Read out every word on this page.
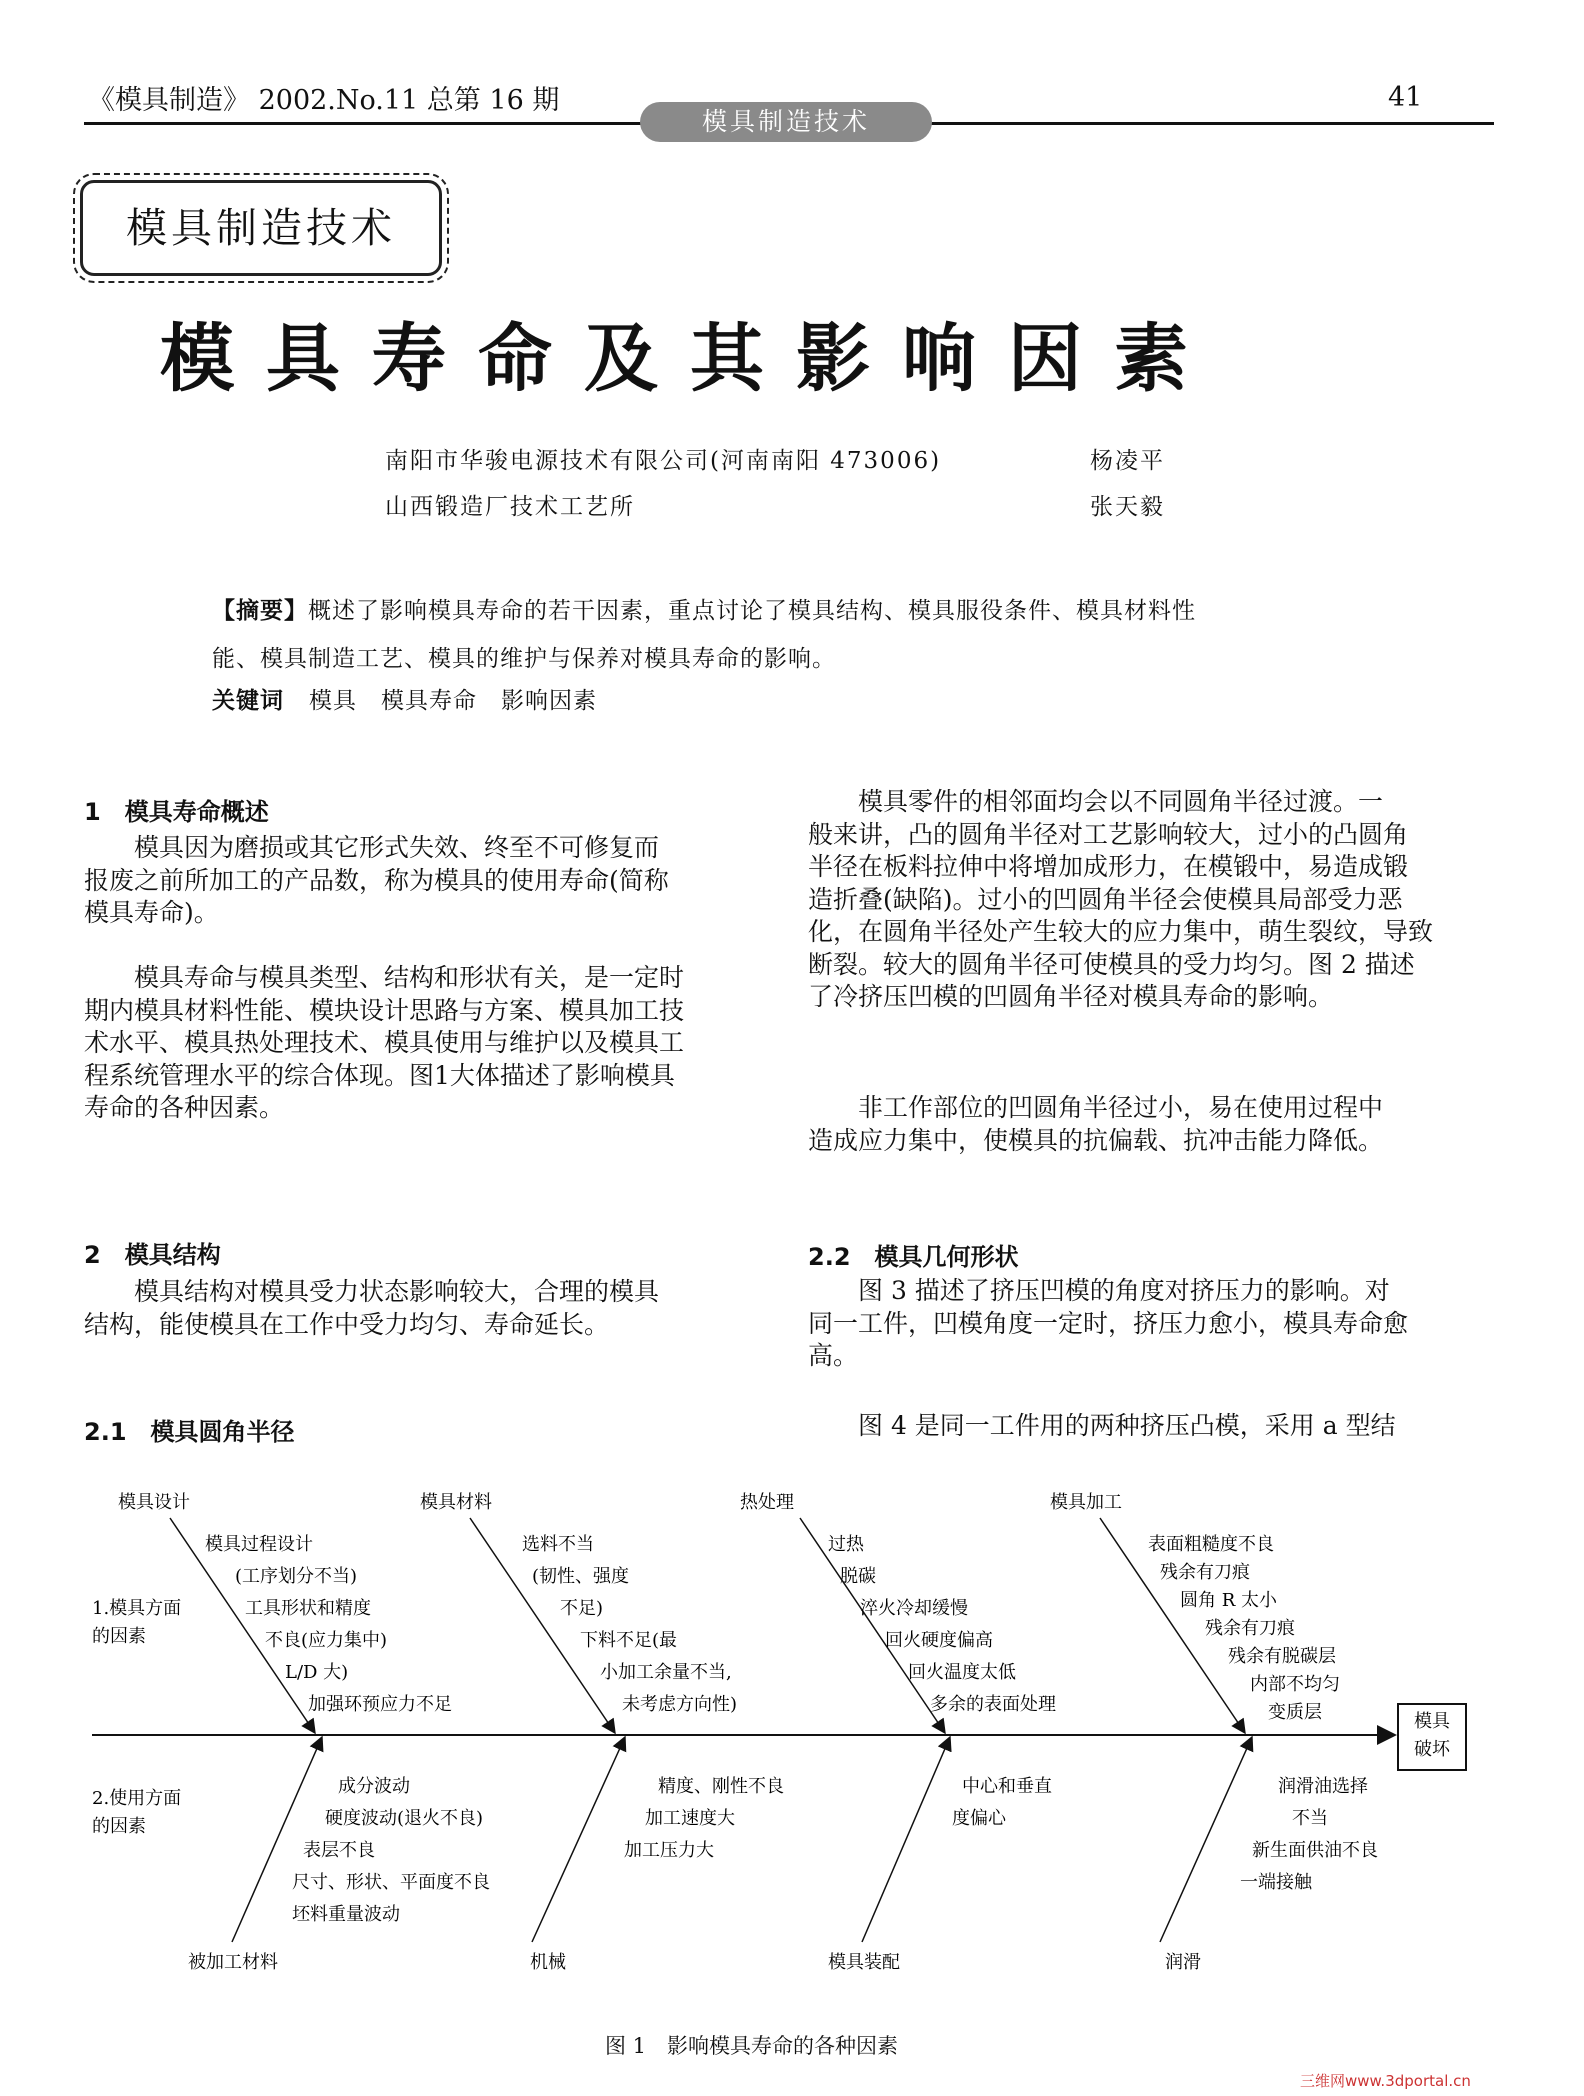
《模具制造》 2002.No.11 总第 16 期
模具制造技术
41
模具制造技术
模具寿命及其影响因素
南阳市华骏电源技术有限公司(河南南阳 473006)	杨凌平
山西锻造厂技术工艺所	张天毅
【摘要】概述了影响模具寿命的若干因素，重点讨论了模具结构、模具服役条件、模具材料性
能、模具制造工艺、模具的维护与保养对模具寿命的影响。
关键词 模具　模具寿命　影响因素
1　模具寿命概述
　　模具因为磨损或其它形式失效、终至不可修复而
报废之前所加工的产品数，称为模具的使用寿命(简称
模具寿命)。
　　模具寿命与模具类型、结构和形状有关，是一定时
期内模具材料性能、模块设计思路与方案、模具加工技
术水平、模具热处理技术、模具使用与维护以及模具工
程系统管理水平的综合体现。图1大体描述了影响模具
寿命的各种因素。
2　模具结构
　　模具结构对模具受力状态影响较大，合理的模具
结构，能使模具在工作中受力均匀、寿命延长。
2.1　模具圆角半径
　　模具零件的相邻面均会以不同圆角半径过渡。一
般来讲，凸的圆角半径对工艺影响较大，过小的凸圆角
半径在板料拉伸中将增加成形力，在模锻中，易造成锻
造折叠(缺陷)。过小的凹圆角半径会使模具局部受力恶
化，在圆角半径处产生较大的应力集中，萌生裂纹，导致
断裂。较大的圆角半径可使模具的受力均匀。图 2 描述
了冷挤压凹模的凹圆角半径对模具寿命的影响。
　　非工作部位的凹圆角半径过小，易在使用过程中
造成应力集中，使模具的抗偏载、抗冲击能力降低。
2.2　模具几何形状
　　图 3 描述了挤压凹模的角度对挤压力的影响。对
同一工件，凹模角度一定时，挤压力愈小，模具寿命愈
高。
　　图 4 是同一工件用的两种挤压凸模，采用 a 型结
模具
破坏
1.模具方面
的因素
2.使用方面
的因素
模具设计	模具材料	热处理	模具加工
被加工材料	机械	模具装配	润滑
模具过程设计
(工序划分不当)
工具形状和精度
不良(应力集中)
L/D 大)
加强环预应力不足
选料不当
(韧性、强度
不足)
下料不足(最
小加工余量不当,
未考虑方向性)
过热
脱碳
淬火冷却缓慢
回火硬度偏高
回火温度太低
多余的表面处理
表面粗糙度不良
残余有刀痕
圆角 R 太小
残余有刀痕
残余有脱碳层
内部不均匀
变质层
成分波动
硬度波动(退火不良)
表层不良
尺寸、形状、平面度不良
坯料重量波动
精度、刚性不良
加工速度大
加工压力大
中心和垂直
度偏心
润滑油选择
不当
新生面供油不良
一端接触
图 1　影响模具寿命的各种因素
三维网www.3dportal.cn
